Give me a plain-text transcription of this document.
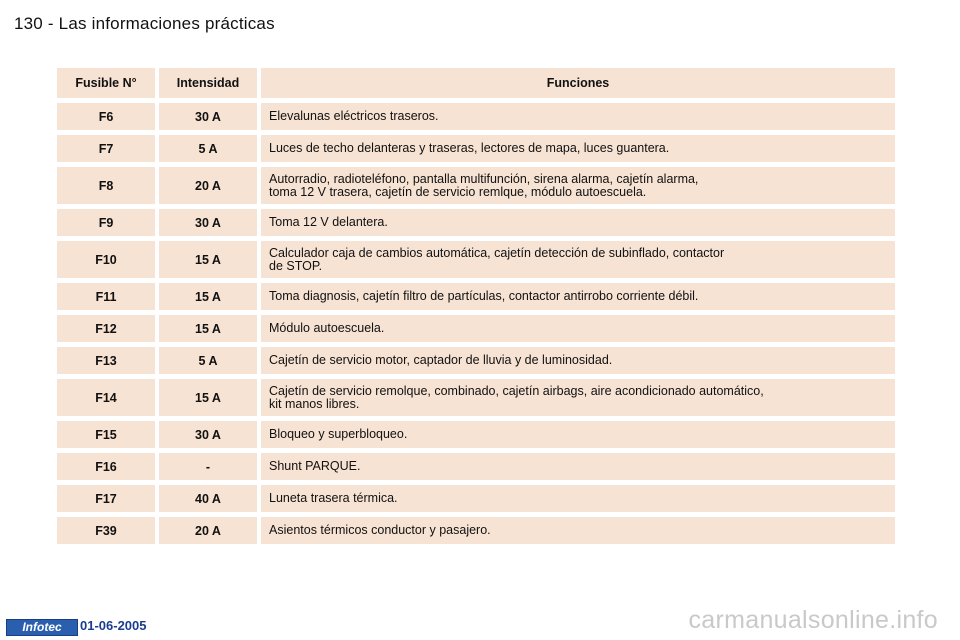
130 - Las informaciones prácticas
Fusible N°	Intensidad	Funciones
F6	30 A	Elevalunas eléctricos traseros.
F7	5 A	Luces de techo delanteras y traseras, lectores de mapa, luces guantera.
F8	20 A	Autorradio, radioteléfono, pantalla multifunción, sirena alarma, cajetín alarma,
toma 12 V trasera, cajetín de servicio remlque, módulo autoescuela.
F9	30 A	Toma 12 V delantera.
F10	15 A	Calculador caja de cambios automática, cajetín detección de subinflado, contactor
de STOP.
F11	15 A	Toma diagnosis, cajetín filtro de partículas, contactor antirrobo corriente débil.
F12	15 A	Módulo autoescuela.
F13	5 A	Cajetín de servicio motor, captador de lluvia y de luminosidad.
F14	15 A	Cajetín de servicio remolque, combinado, cajetín airbags, aire acondicionado automático,
kit manos libres.
F15	30 A	Bloqueo y superbloqueo.
F16	-	Shunt PARQUE.
F17	40 A	Luneta trasera térmica.
F39	20 A	Asientos térmicos conductor y pasajero.
Infotec	01-06-2005	carmanualsonline.info
